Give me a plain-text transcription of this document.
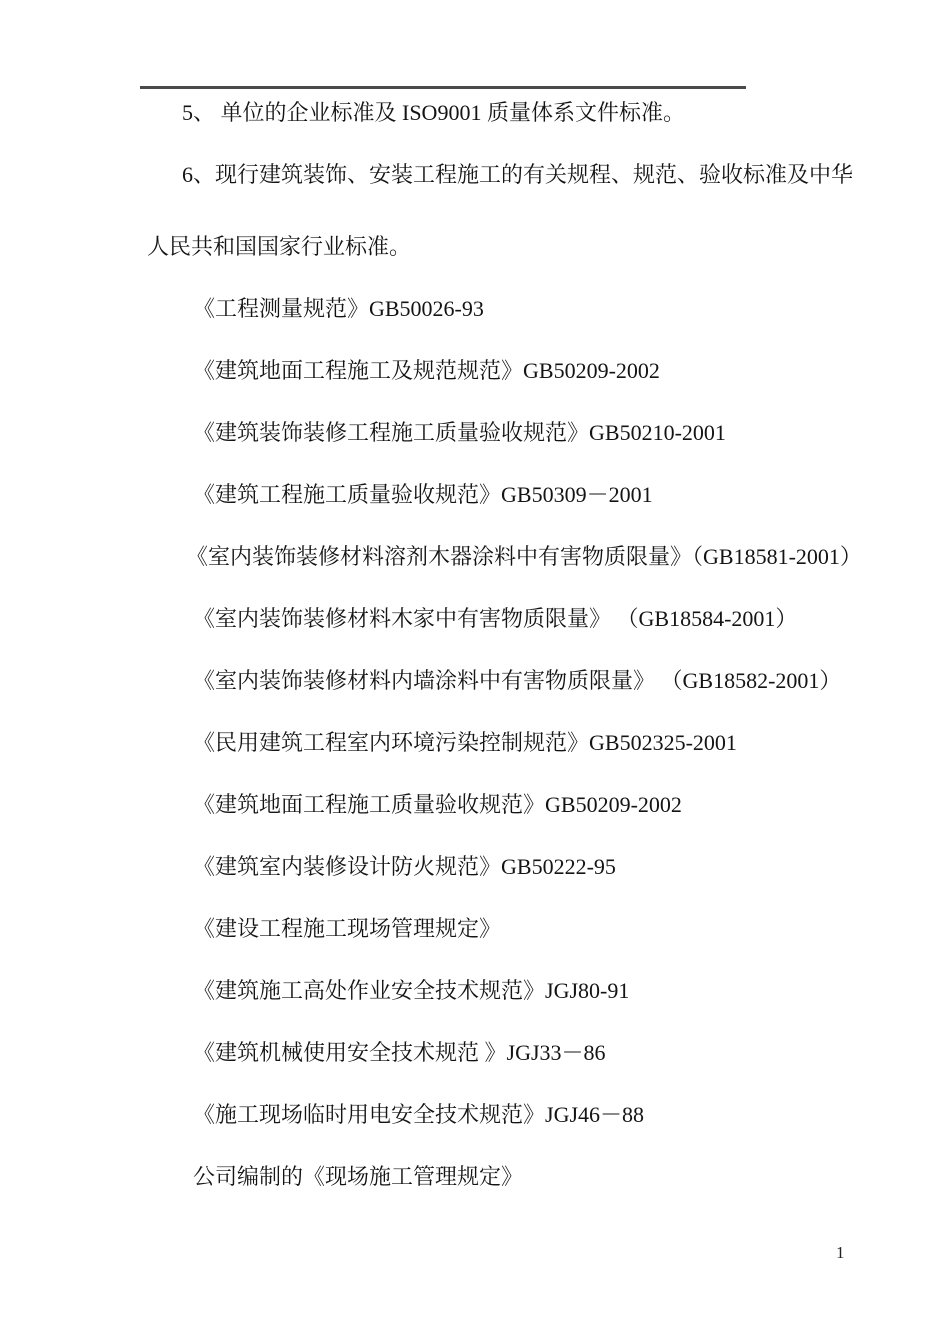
5、 单位的企业标准及 ISO9001 质量体系文件标准。

6、现行建筑装饰、安装工程施工的有关规程、规范、验收标准及中华人民共和国国家行业标准。

《工程测量规范》GB50026-93

《建筑地面工程施工及规范规范》GB50209-2002

《建筑装饰装修工程施工质量验收规范》GB50210-2001

《建筑工程施工质量验收规范》GB50309－2001

《室内装饰装修材料溶剂木器涂料中有害物质限量》（GB18581-2001）

《室内装饰装修材料木家中有害物质限量》 （GB18584-2001）

《室内装饰装修材料内墙涂料中有害物质限量》 （GB18582-2001）

《民用建筑工程室内环境污染控制规范》GB502325-2001

《建筑地面工程施工质量验收规范》GB50209-2002

《建筑室内装修设计防火规范》GB50222-95

《建设工程施工现场管理规定》

《建筑施工高处作业安全技术规范》JGJ80-91

《建筑机械使用安全技术规范 》JGJ33－86

《施工现场临时用电安全技术规范》JGJ46－88

公司编制的《现场施工管理规定》

1
